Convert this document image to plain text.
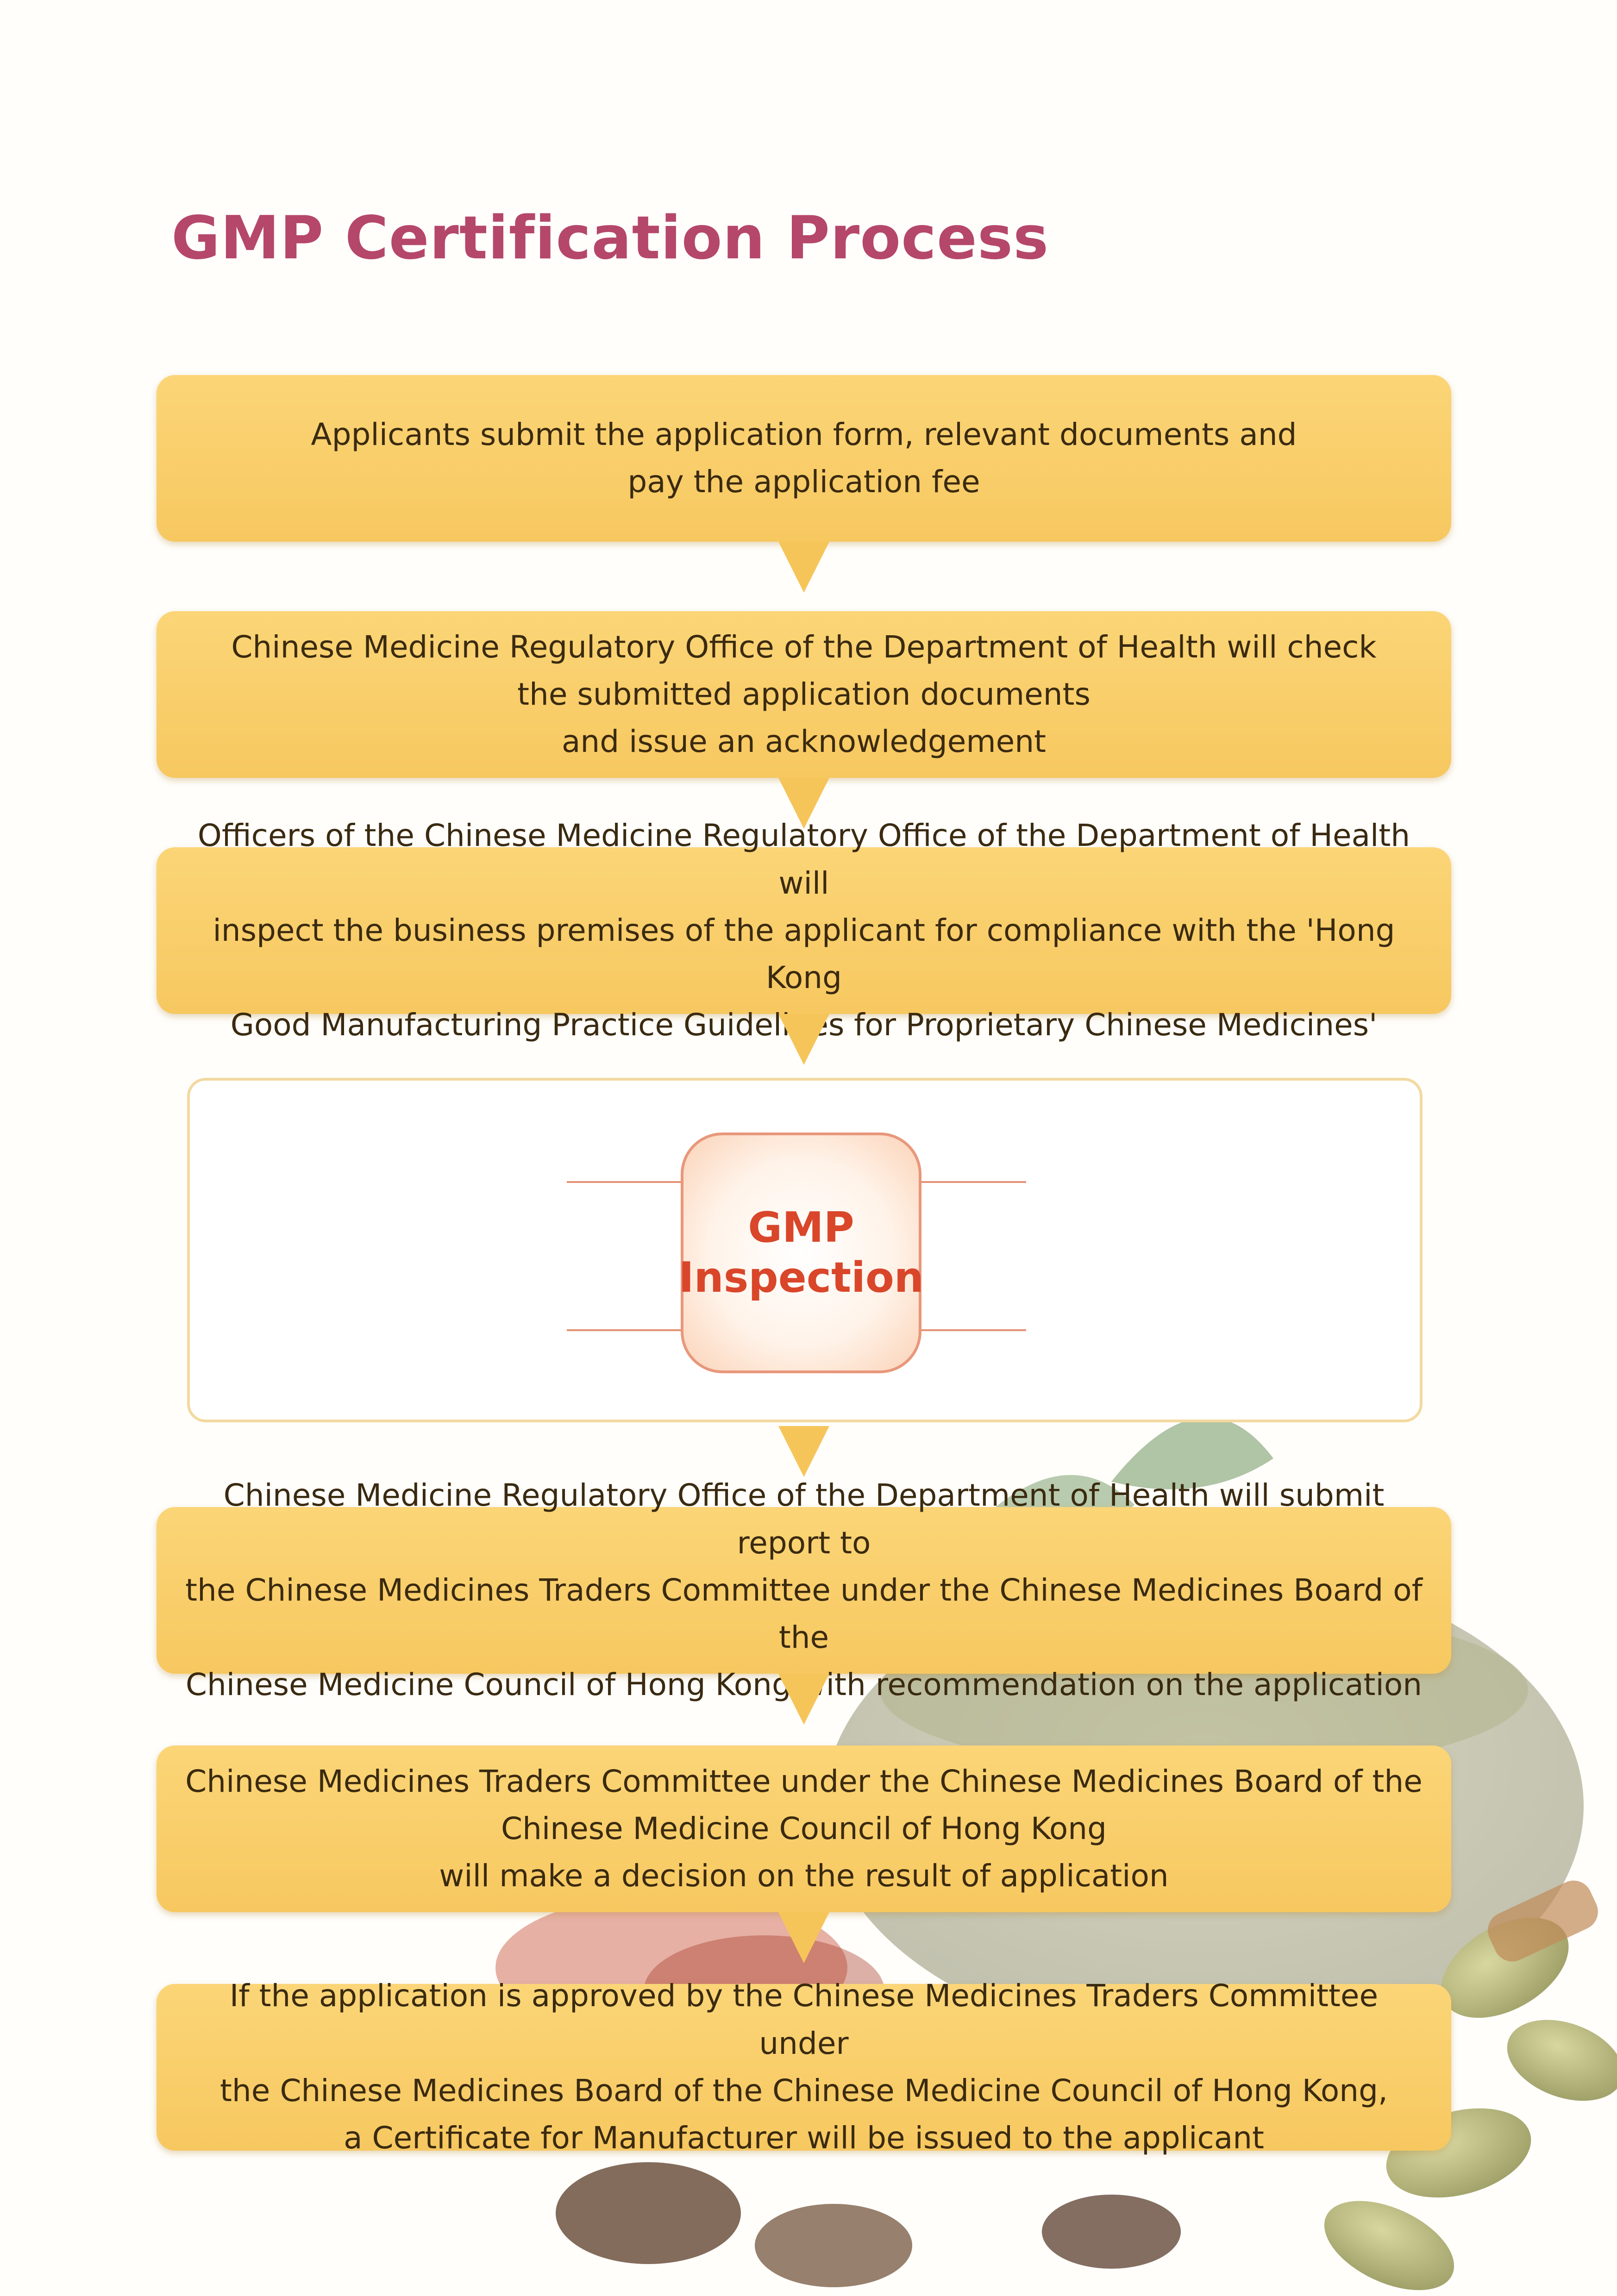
GMP Certification Process
Applicants submit the application form, relevant documents and
pay the application fee
Chinese Medicine Regulatory Office of the Department of Health will check
the submitted application documents
and issue an acknowledgement
Officers of the Chinese Medicine Regulatory Office of the Department of Health will
inspect the business premises of the applicant for compliance with the 'Hong Kong
Good Manufacturing Practice Guidelines for Proprietary Chinese Medicines'
GMP
Inspection
Chinese Medicine Regulatory Office of the Department of Health will submit report to
the Chinese Medicines Traders Committee under the Chinese Medicines Board of the
Chinese Medicine Council of Hong Kong with recommendation on the application
Chinese Medicines Traders Committee under the Chinese Medicines Board of the
Chinese Medicine Council of Hong Kong
will make a decision on the result of application
If the application is approved by the Chinese Medicines Traders Committee under
the Chinese Medicines Board of the Chinese Medicine Council of Hong Kong,
a Certificate for Manufacturer will be issued to the applicant
